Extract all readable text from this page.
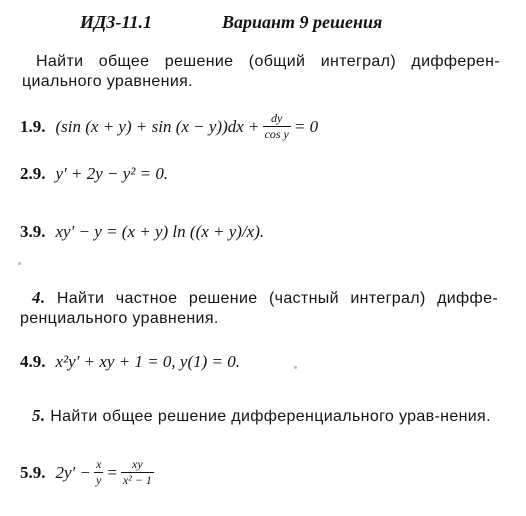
ИДЗ-11.1	Вариант 9 решения
Найти общее решение (общий интеграл) дифферен-циального уравнения.
1.9. (sin $(x + y) + \sin (x - y))dx + \frac{dy}{\text{cos y}} = 0$
2.9. y′ + 2y − y² = 0.
3.9. xy′ − y = (x + y) ln ((x + y)/x).
4. Найти частное решение (частный интеграл) диффе-ренциального уравнения.
4.9. x²y′ + xy + 1 = 0, y(1) = 0.
5. Найти общее решение дифференциального урав-нения.
5.9. $2y' - \frac{x}{y} = \frac{xy}{\text{x² − 1}}$
